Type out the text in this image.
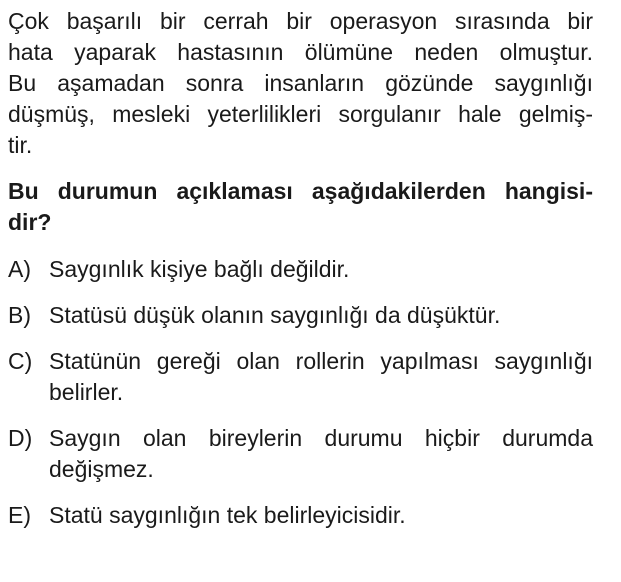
Çok başarılı bir cerrah bir operasyon sırasında bir
hata yaparak hastasının ölümüne neden olmuştur.
Bu aşamadan sonra insanların gözünde saygınlığı
düşmüş, mesleki yeterlilikleri sorgulanır hale gelmiş-
tir.

Bu durumun açıklaması aşağıdakilerden hangisi-
dir?

A) Saygınlık kişiye bağlı değildir.
B) Statüsü düşük olanın saygınlığı da düşüktür.
C) Statünün gereği olan rollerin yapılması saygınlığı
belirler.
D) Saygın olan bireylerin durumu hiçbir durumda
değişmez.
E) Statü saygınlığın tek belirleyicisidir.
